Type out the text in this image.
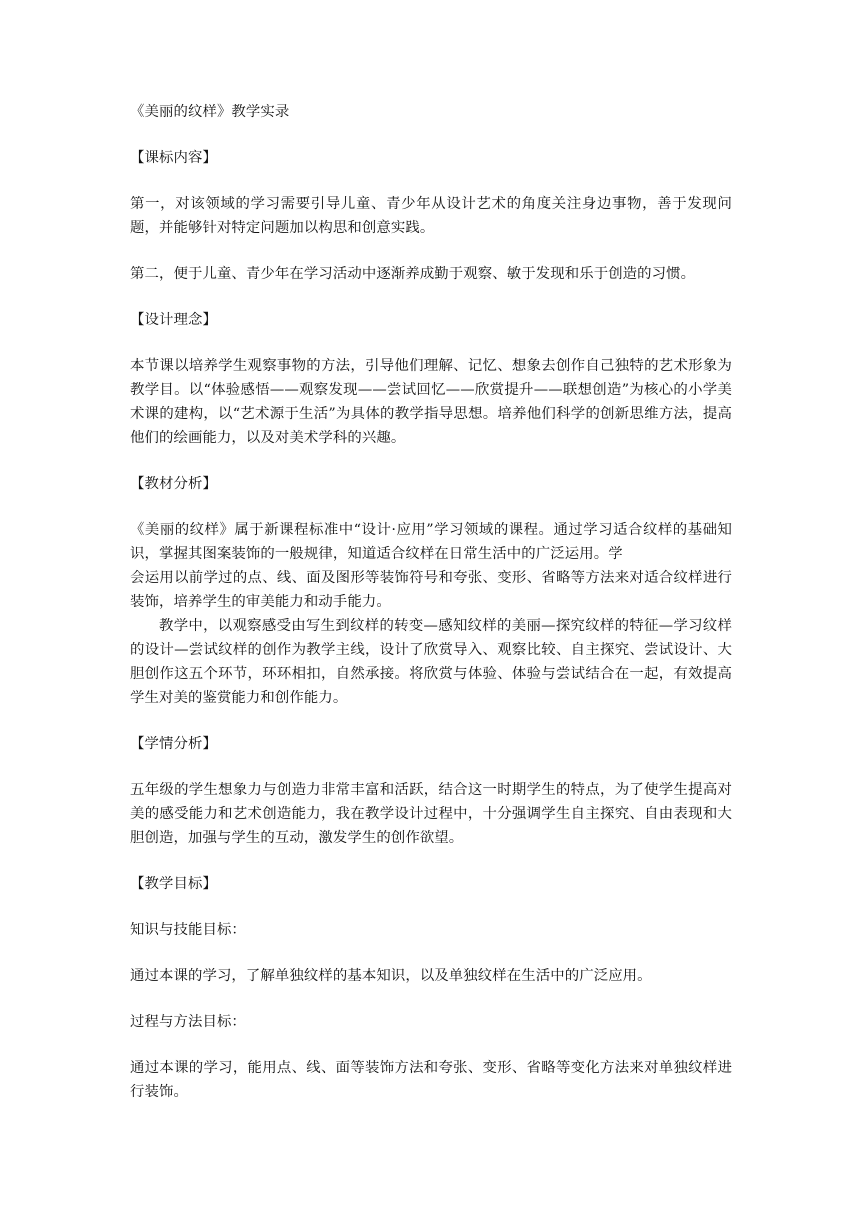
《美丽的纹样》教学实录

【课标内容】

第一，对该领域的学习需要引导儿童、青少年从设计艺术的角度关注身边事物，善于发现问题，并能够针对特定问题加以构思和创意实践。

第二，便于儿童、青少年在学习活动中逐渐养成勤于观察、敏于发现和乐于创造的习惯。

【设计理念】

本节课以培养学生观察事物的方法，引导他们理解、记忆、想象去创作自己独特的艺术形象为教学目。以“体验感悟——观察发现——尝试回忆——欣赏提升——联想创造”为核心的小学美术课的建构，以“艺术源于生活”为具体的教学指导思想。培养他们科学的创新思维方法，提高他们的绘画能力，以及对美术学科的兴趣。

【教材分析】

《美丽的纹样》属于新课程标准中“设计·应用”学习领域的课程。通过学习适合纹样的基础知识，掌握其图案装饰的一般规律，知道适合纹样在日常生活中的广泛运用。学

会运用以前学过的点、线、面及图形等装饰符号和夸张、变形、省略等方法来对适合纹样进行装饰，培养学生的审美能力和动手能力。

教学中，以观察感受由写生到纹样的转变—感知纹样的美丽—探究纹样的特征—学习纹样的设计—尝试纹样的创作为教学主线，设计了欣赏导入、观察比较、自主探究、尝试设计、大胆创作这五个环节，环环相扣，自然承接。将欣赏与体验、体验与尝试结合在一起，有效提高学生对美的鉴赏能力和创作能力。

【学情分析】

五年级的学生想象力与创造力非常丰富和活跃，结合这一时期学生的特点，为了使学生提高对美的感受能力和艺术创造能力，我在教学设计过程中，十分强调学生自主探究、自由表现和大胆创造，加强与学生的互动，激发学生的创作欲望。

【教学目标】

知识与技能目标：

通过本课的学习，了解单独纹样的基本知识，以及单独纹样在生活中的广泛应用。

过程与方法目标：

通过本课的学习，能用点、线、面等装饰方法和夸张、变形、省略等变化方法来对单独纹样进行装饰。
